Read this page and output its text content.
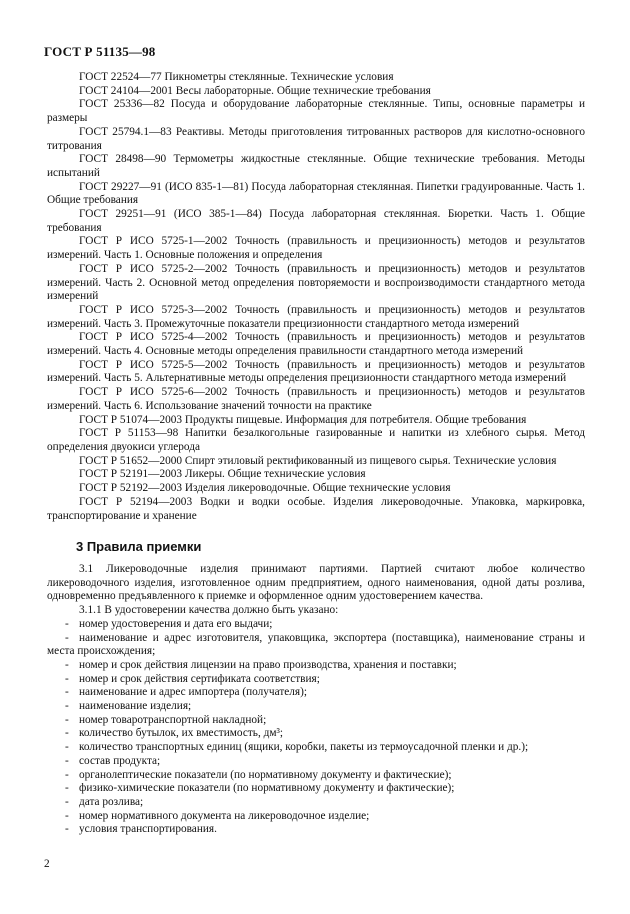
ГОСТ Р 51135—98

ГОСТ 22524—77 Пикнометры стеклянные. Технические условия

ГОСТ 24104—2001 Весы лабораторные. Общие технические требования

ГОСТ 25336—82 Посуда и оборудование лабораторные стеклянные. Типы, основные параметры и размеры

ГОСТ 25794.1—83 Реактивы. Методы приготовления титрованных растворов для кислотно-основного титрования

ГОСТ 28498—90 Термометры жидкостные стеклянные. Общие технические требования. Методы испытаний

ГОСТ 29227—91 (ИСО 835-1—81) Посуда лабораторная стеклянная. Пипетки градуированные. Часть 1. Общие требования

ГОСТ 29251—91 (ИСО 385-1—84) Посуда лабораторная стеклянная. Бюретки. Часть 1. Общие требования

ГОСТ Р ИСО 5725-1—2002 Точность (правильность и прецизионность) методов и результатов измерений. Часть 1. Основные положения и определения

ГОСТ Р ИСО 5725-2—2002 Точность (правильность и прецизионность) методов и результатов измерений. Часть 2. Основной метод определения повторяемости и воспроизводимости стандартного метода измерений

ГОСТ Р ИСО 5725-3—2002 Точность (правильность и прецизионность) методов и результатов измерений. Часть 3. Промежуточные показатели прецизионности стандартного метода измерений

ГОСТ Р ИСО 5725-4—2002 Точность (правильность и прецизионность) методов и результатов измерений. Часть 4. Основные методы определения правильности стандартного метода измерений

ГОСТ Р ИСО 5725-5—2002 Точность (правильность и прецизионность) методов и результатов измерений. Часть 5. Альтернативные методы определения прецизионности стандартного метода измерений

ГОСТ Р ИСО 5725-6—2002 Точность (правильность и прецизионность) методов и результатов измерений. Часть 6. Использование значений точности на практике

ГОСТ Р 51074—2003 Продукты пищевые. Информация для потребителя. Общие требования

ГОСТ Р 51153—98 Напитки безалкогольные газированные и напитки из хлебного сырья. Метод определения двуокиси углерода

ГОСТ Р 51652—2000 Спирт этиловый ректификованный из пищевого сырья. Технические условия

ГОСТ Р 52191—2003 Ликеры. Общие технические условия

ГОСТ Р 52192—2003 Изделия ликероводочные. Общие технические условия

ГОСТ Р 52194—2003 Водки и водки особые. Изделия ликероводочные. Упаковка, маркировка, транспортирование и хранение

3 Правила приемки

3.1 Ликероводочные изделия принимают партиями. Партией считают любое количество ликероводочного изделия, изготовленное одним предприятием, одного наименования, одной даты розлива, одновременно предъявленного к приемке и оформленное одним удостоверением качества.

3.1.1 В удостоверении качества должно быть указано:

- номер удостоверения и дата его выдачи;
- наименование и адрес изготовителя, упаковщика, экспортера (поставщика), наименование страны и места происхождения;
- номер и срок действия лицензии на право производства, хранения и поставки;
- номер и срок действия сертификата соответствия;
- наименование и адрес импортера (получателя);
- наименование изделия;
- номер товаротранспортной накладной;
- количество бутылок, их вместимость, дм³;
- количество транспортных единиц (ящики, коробки, пакеты из термоусадочной пленки и др.);
- состав продукта;
- органолептические показатели (по нормативному документу и фактические);
- физико-химические показатели (по нормативному документу и фактические);
- дата розлива;
- номер нормативного документа на ликероводочное изделие;
- условия транспортирования.
2
